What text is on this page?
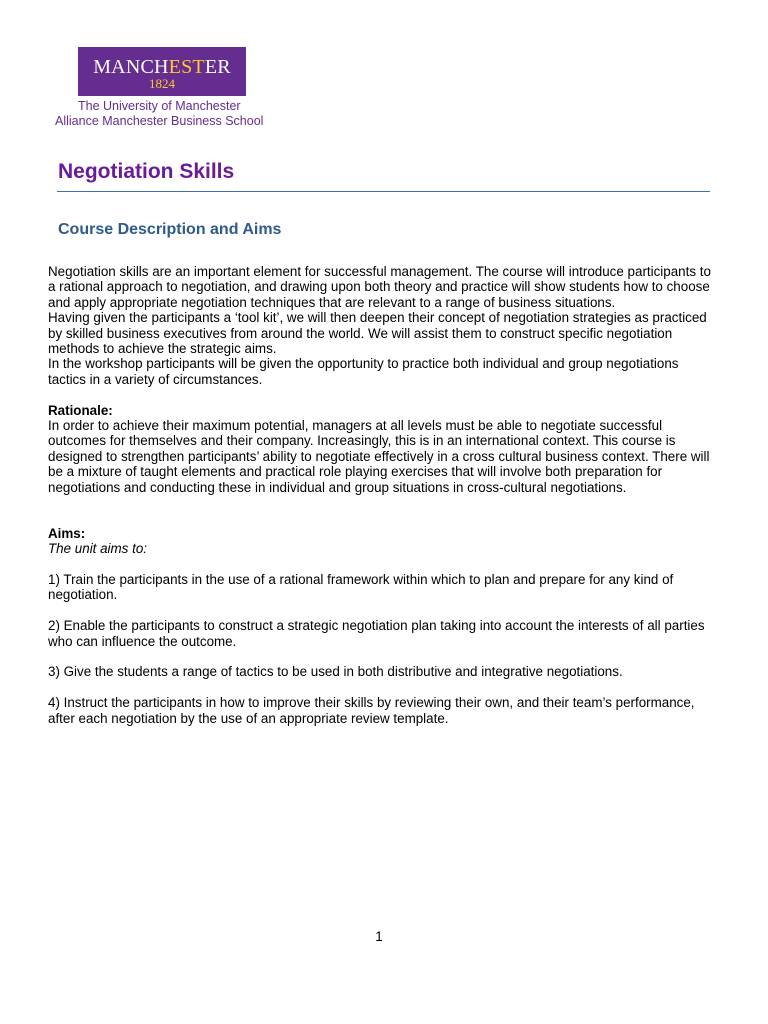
MANCHESTER
1824
The University of Manchester
Alliance Manchester Business School
Negotiation Skills
Course Description and Aims

Negotiation skills are an important element for successful management. The course will introduce participants to a rational approach to negotiation, and drawing upon both theory and practice will show students how to choose and apply appropriate negotiation techniques that are relevant to a range of business situations.

Having given the participants a ‘tool kit’, we will then deepen their concept of negotiation strategies as practiced by skilled business executives from around the world. We will assist them to construct specific negotiation methods to achieve the strategic aims.

In the workshop participants will be given the opportunity to practice both individual and group negotiations tactics in a variety of circumstances.

Rationale:

In order to achieve their maximum potential, managers at all levels must be able to negotiate successful outcomes for themselves and their company. Increasingly, this is in an international context. This course is designed to strengthen participants’ ability to negotiate effectively in a cross cultural business context. There will be a mixture of taught elements and practical role playing exercises that will involve both preparation for negotiations and conducting these in individual and group situations in cross-cultural negotiations.

Aims:

The unit aims to:

1) Train the participants in the use of a rational framework within which to plan and prepare for any kind of negotiation.

2) Enable the participants to construct a strategic negotiation plan taking into account the interests of all parties who can influence the outcome.

3) Give the students a range of tactics to be used in both distributive and integrative negotiations.

4) Instruct the participants in how to improve their skills by reviewing their own, and their team’s performance, after each negotiation by the use of an appropriate review template.

1
